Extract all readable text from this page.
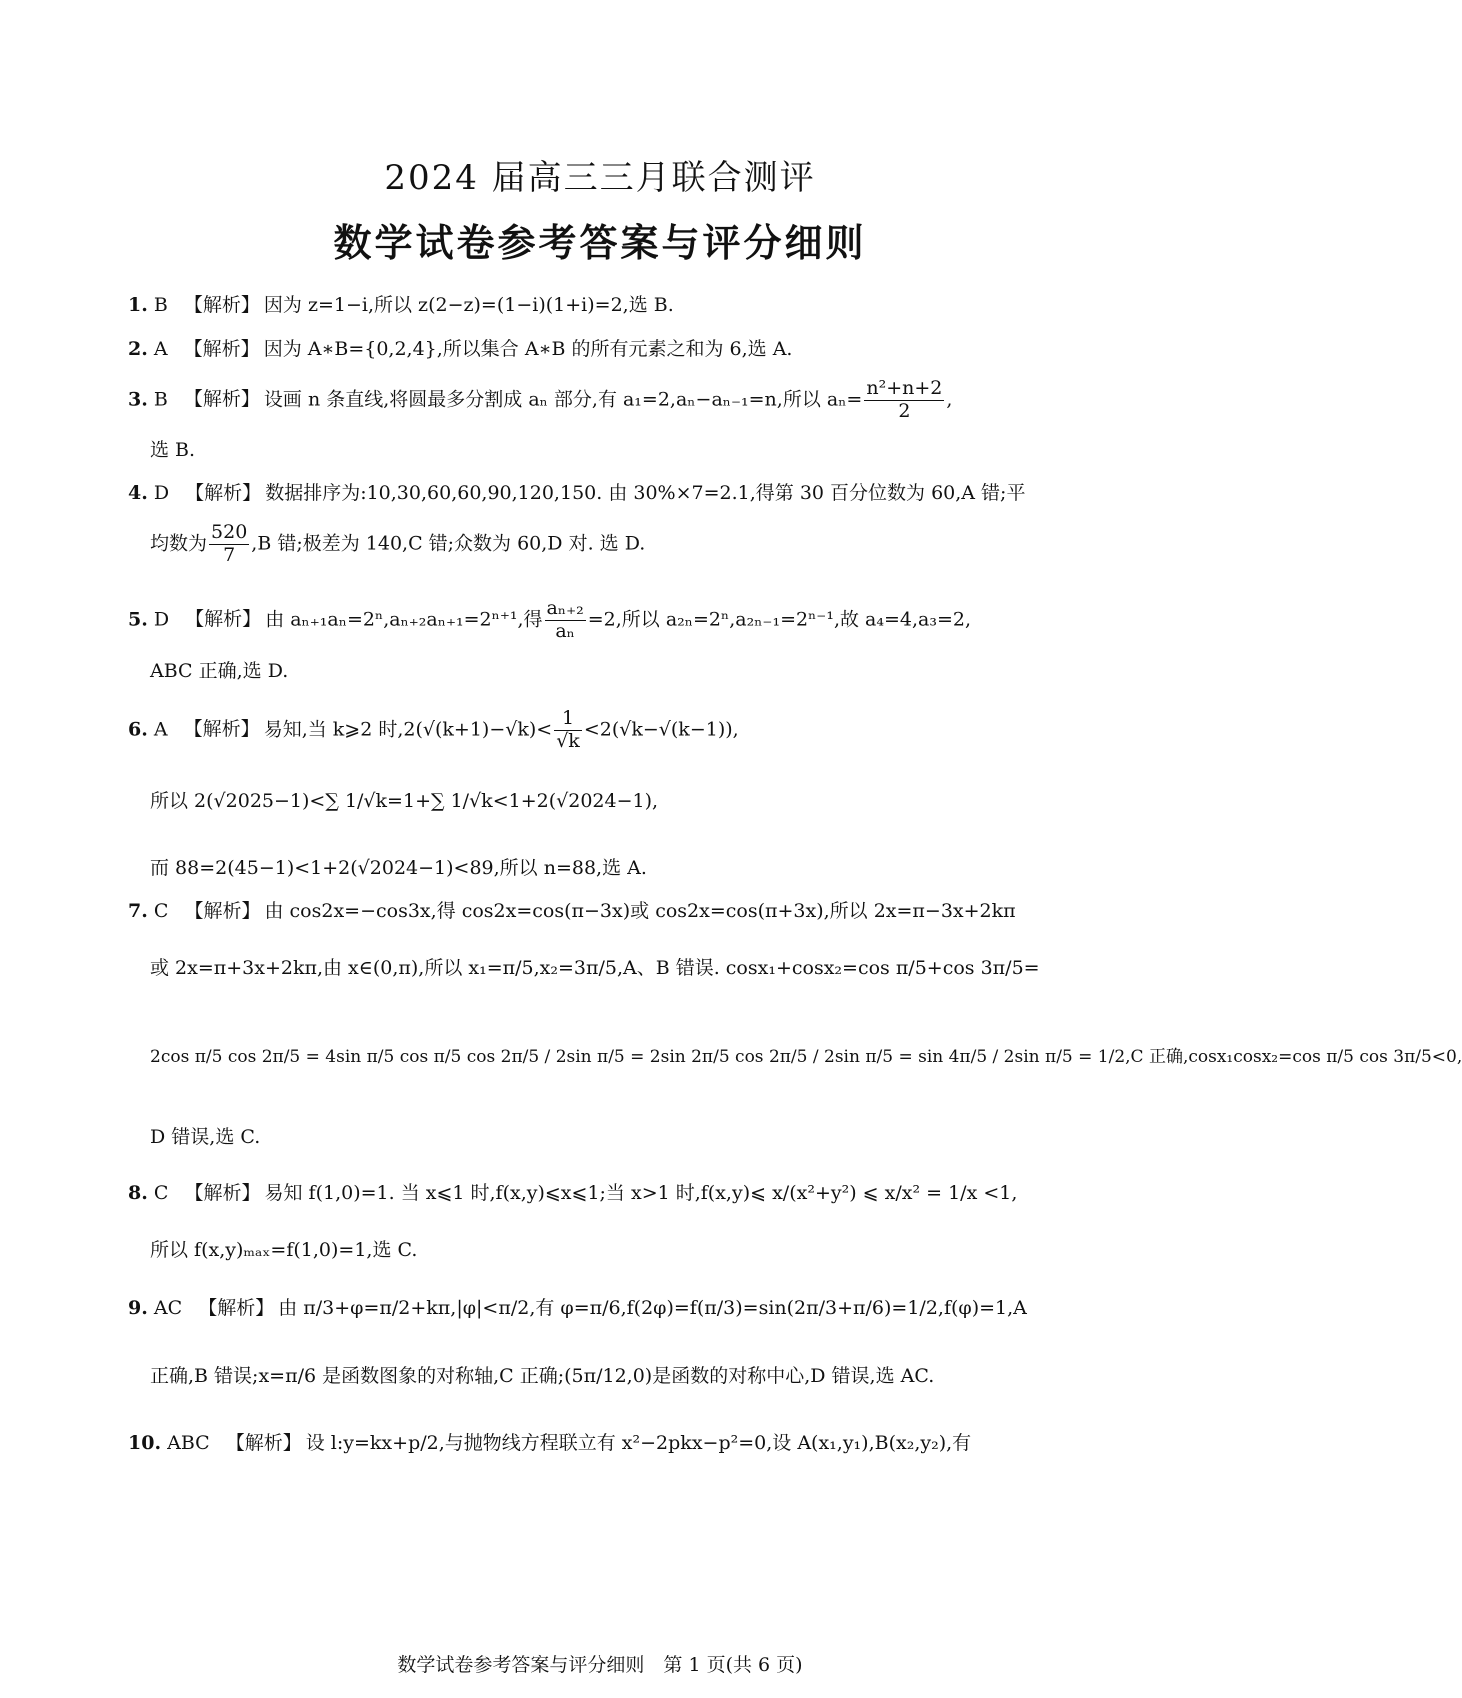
2024 届高三三月联合测评
数学试卷参考答案与评分细则
1. B 【解析】 因为 z=1−i,所以 z(2−z)=(1−i)(1+i)=2,选 B.
2. A 【解析】 因为 A∗B={0,2,4},所以集合 A∗B 的所有元素之和为 6,选 A.
3. B 【解析】 设画 n 条直线,将圆最多分割成 aₙ 部分,有 a₁=2,aₙ−aₙ₋₁=n,所以 $a_n= \frac{\text{n²+n+2}}{2}$ ,
选 B.
4. D 【解析】 数据排序为:10,30,60,60,90,120,150. 由 30%×7=2.1,得第 30 百分位数为 60,A 错;平
均数为 $\frac{520}{7} ,B$ 错;极差为 140,C 错;众数为 60,D 对. 选 D.
5. D 【解析】 由 aₙ₊₁aₙ=2ⁿ,aₙ₊₂aₙ₊₁=2ⁿ⁺¹,得 $\frac{\text{aₙ₊₂}}{\text{aₙ}} =2$,所以 a₂ₙ=2ⁿ,a₂ₙ₋₁=2ⁿ⁻¹,故 a₄=4,a₃=2,
ABC 正确,选 D.
6. A 【解析】 易知,当 k⩾2 时$,2(√(k+1)-√k)< \frac{1}{√k} <2(√k-√(k-1))$,
所以 2(√2025−1)<∑ 1/√k=1+∑ 1/√k<1+2(√2024−1),
而 88=2(45−1)<1+2(√2024−1)<89,所以 n=88,选 A.
7. C 【解析】 由 cos2x=−cos3x,得 cos2x=cos(π−3x)或 cos2x=cos(π+3x),所以 2x=π−3x+2kπ
或 2x=π+3x+2kπ,由 x∈(0,π),所以 x₁=π/5,x₂=3π/5,A、B 错误. cosx₁+cosx₂=cos π/5+cos 3π/5=
2cos π/5 cos 2π/5 = 4sin π/5 cos π/5 cos 2π/5 / 2sin π/5 = 2sin 2π/5 cos 2π/5 / 2sin π/5 = sin 4π/5 / 2sin π/5 = 1/2,C 正确,cosx₁cosx₂=cos π/5 cos 3π/5<0,
D 错误,选 C.
8. C 【解析】 易知 f(1,0)=1. 当 x⩽1 时,f(x,y)⩽x⩽1;当 x>1 时,f(x,y)⩽ x/(x²+y²) ⩽ x/x² = 1/x <1,
所以 f(x,y)ₘₐₓ=f(1,0)=1,选 C.
9. AC 【解析】 由 π/3+φ=π/2+kπ,|φ|<π/2,有 φ=π/6,f(2φ)=f(π/3)=sin(2π/3+π/6)=1/2,f(φ)=1,A
正确,B 错误;x=π/6 是函数图象的对称轴,C 正确;(5π/12,0)是函数的对称中心,D 错误,选 AC.
10. ABC 【解析】 设 l:y=kx+p/2,与抛物线方程联立有 x²−2pkx−p²=0,设 A(x₁,y₁),B(x₂,y₂),有
数学试卷参考答案与评分细则　第 1 页(共 6 页)
